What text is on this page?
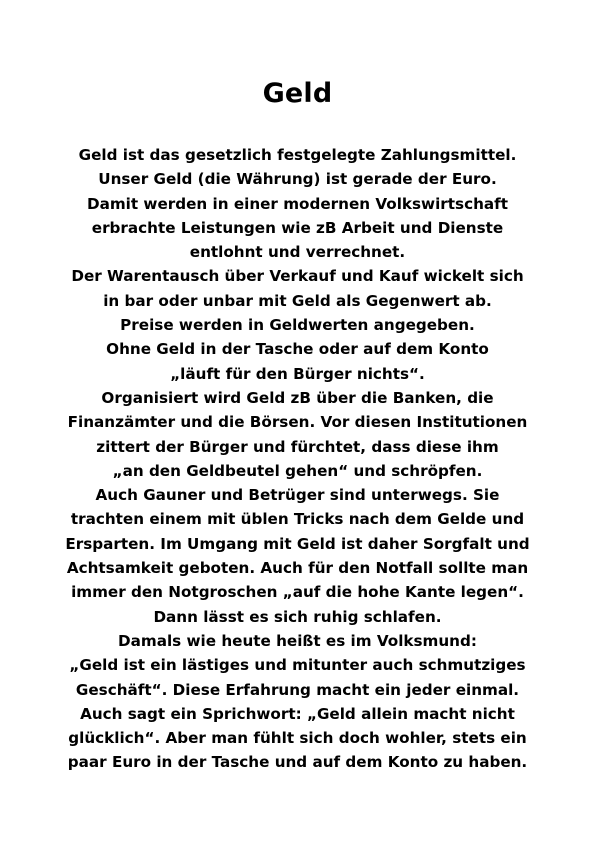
Geld
Geld ist das gesetzlich festgelegte Zahlungsmittel.
Unser Geld (die Währung) ist gerade der Euro.
Damit werden in einer modernen Volkswirtschaft
erbrachte Leistungen wie zB Arbeit und Dienste
entlohnt und verrechnet.
Der Warentausch über Verkauf und Kauf wickelt sich
in bar oder unbar mit Geld als Gegenwert ab.
Preise werden in Geldwerten angegeben.
Ohne Geld in der Tasche oder auf dem Konto
„läuft für den Bürger nichts“.
Organisiert wird Geld zB über die Banken, die
Finanzämter und die Börsen. Vor diesen Institutionen
zittert der Bürger und fürchtet, dass diese ihm
„an den Geldbeutel gehen“ und schröpfen.
Auch Gauner und Betrüger sind unterwegs. Sie
trachten einem mit üblen Tricks nach dem Gelde und
Ersparten. Im Umgang mit Geld ist daher Sorgfalt und
Achtsamkeit geboten. Auch für den Notfall sollte man
immer den Notgroschen „auf die hohe Kante legen“.
Dann lässt es sich ruhig schlafen.
Damals wie heute heißt es im Volksmund:
„Geld ist ein lästiges und mitunter auch schmutziges
Geschäft“. Diese Erfahrung macht ein jeder einmal.
Auch sagt ein Sprichwort: „Geld allein macht nicht
glücklich“. Aber man fühlt sich doch wohler, stets ein
paar Euro in der Tasche und auf dem Konto zu haben.
